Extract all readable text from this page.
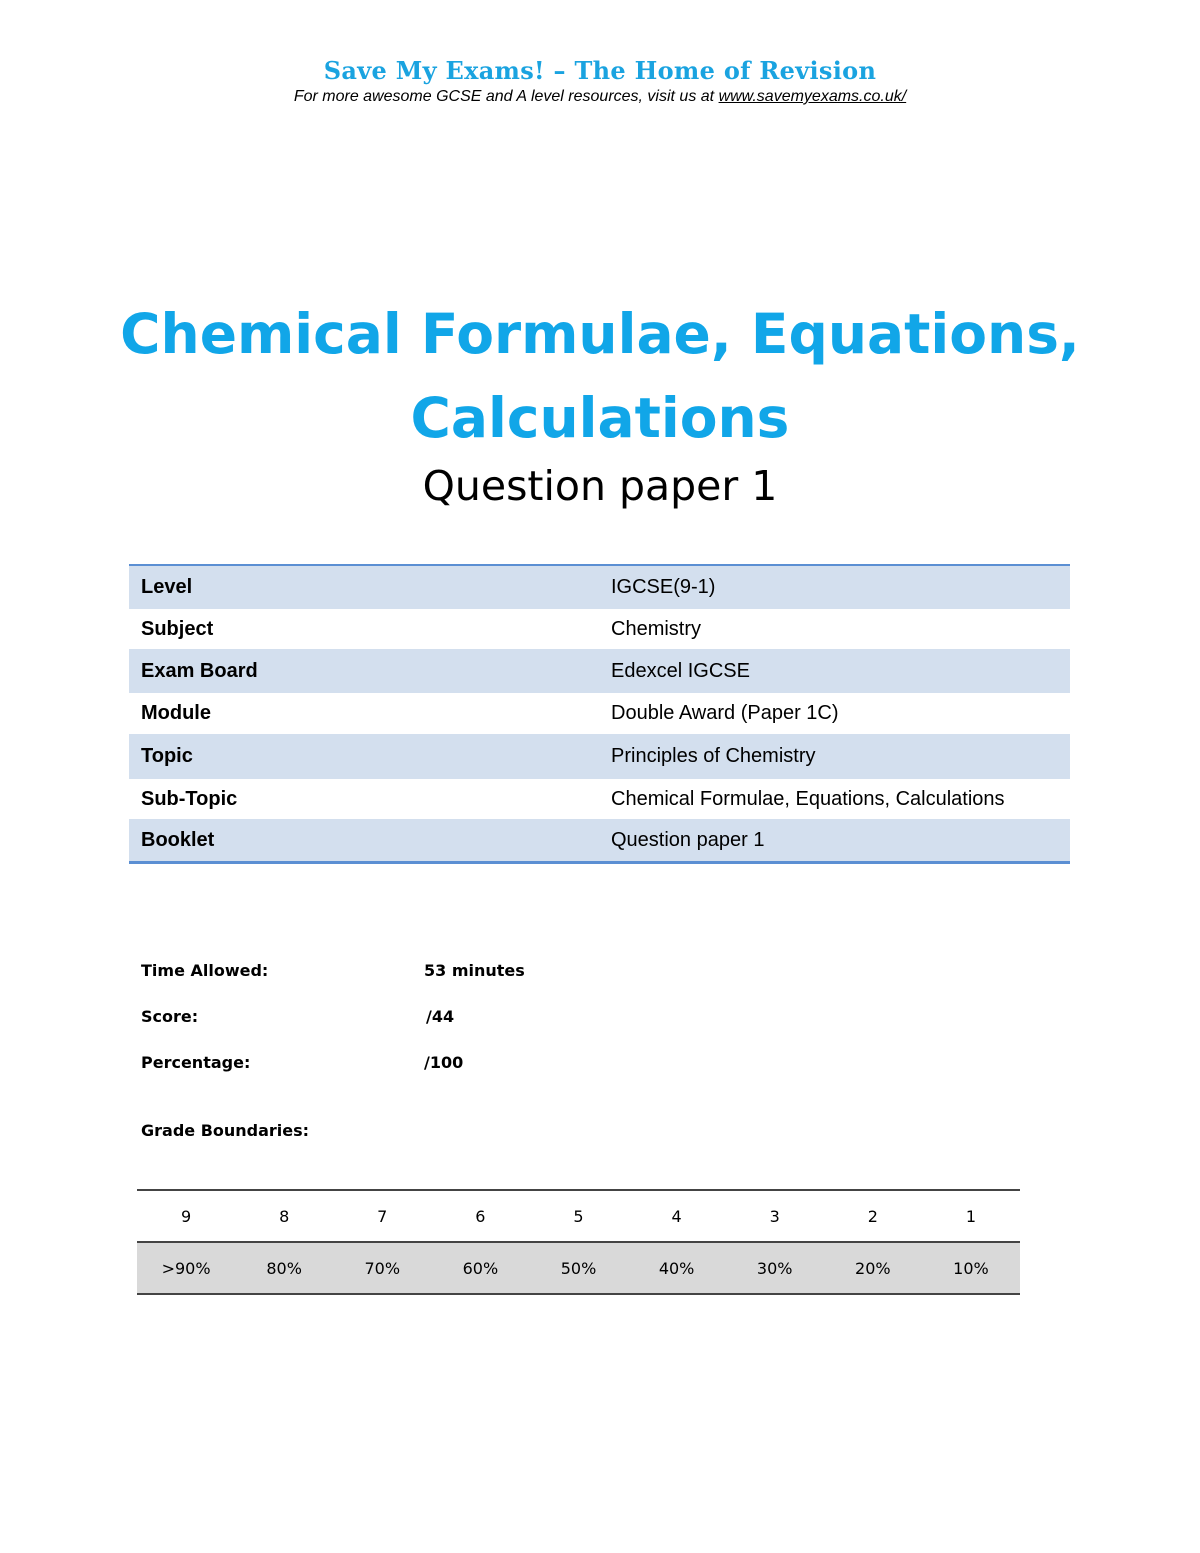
Save My Exams! – The Home of Revision
For more awesome GCSE and A level resources, visit us at www.savemyexams.co.uk/
Chemical Formulae, Equations,
Calculations
Question paper 1
Level	IGCSE(9-1)
Subject	Chemistry
Exam Board	Edexcel IGCSE
Module	Double Award (Paper 1C)
Topic	Principles of Chemistry
Sub-Topic	Chemical Formulae, Equations, Calculations
Booklet	Question paper 1
Time Allowed:	53 minutes
Score:	/44
Percentage:	/100
Grade Boundaries:
9	8	7	6	5	4	3	2	1
>90%	80%	70%	60%	50%	40%	30%	20%	10%
